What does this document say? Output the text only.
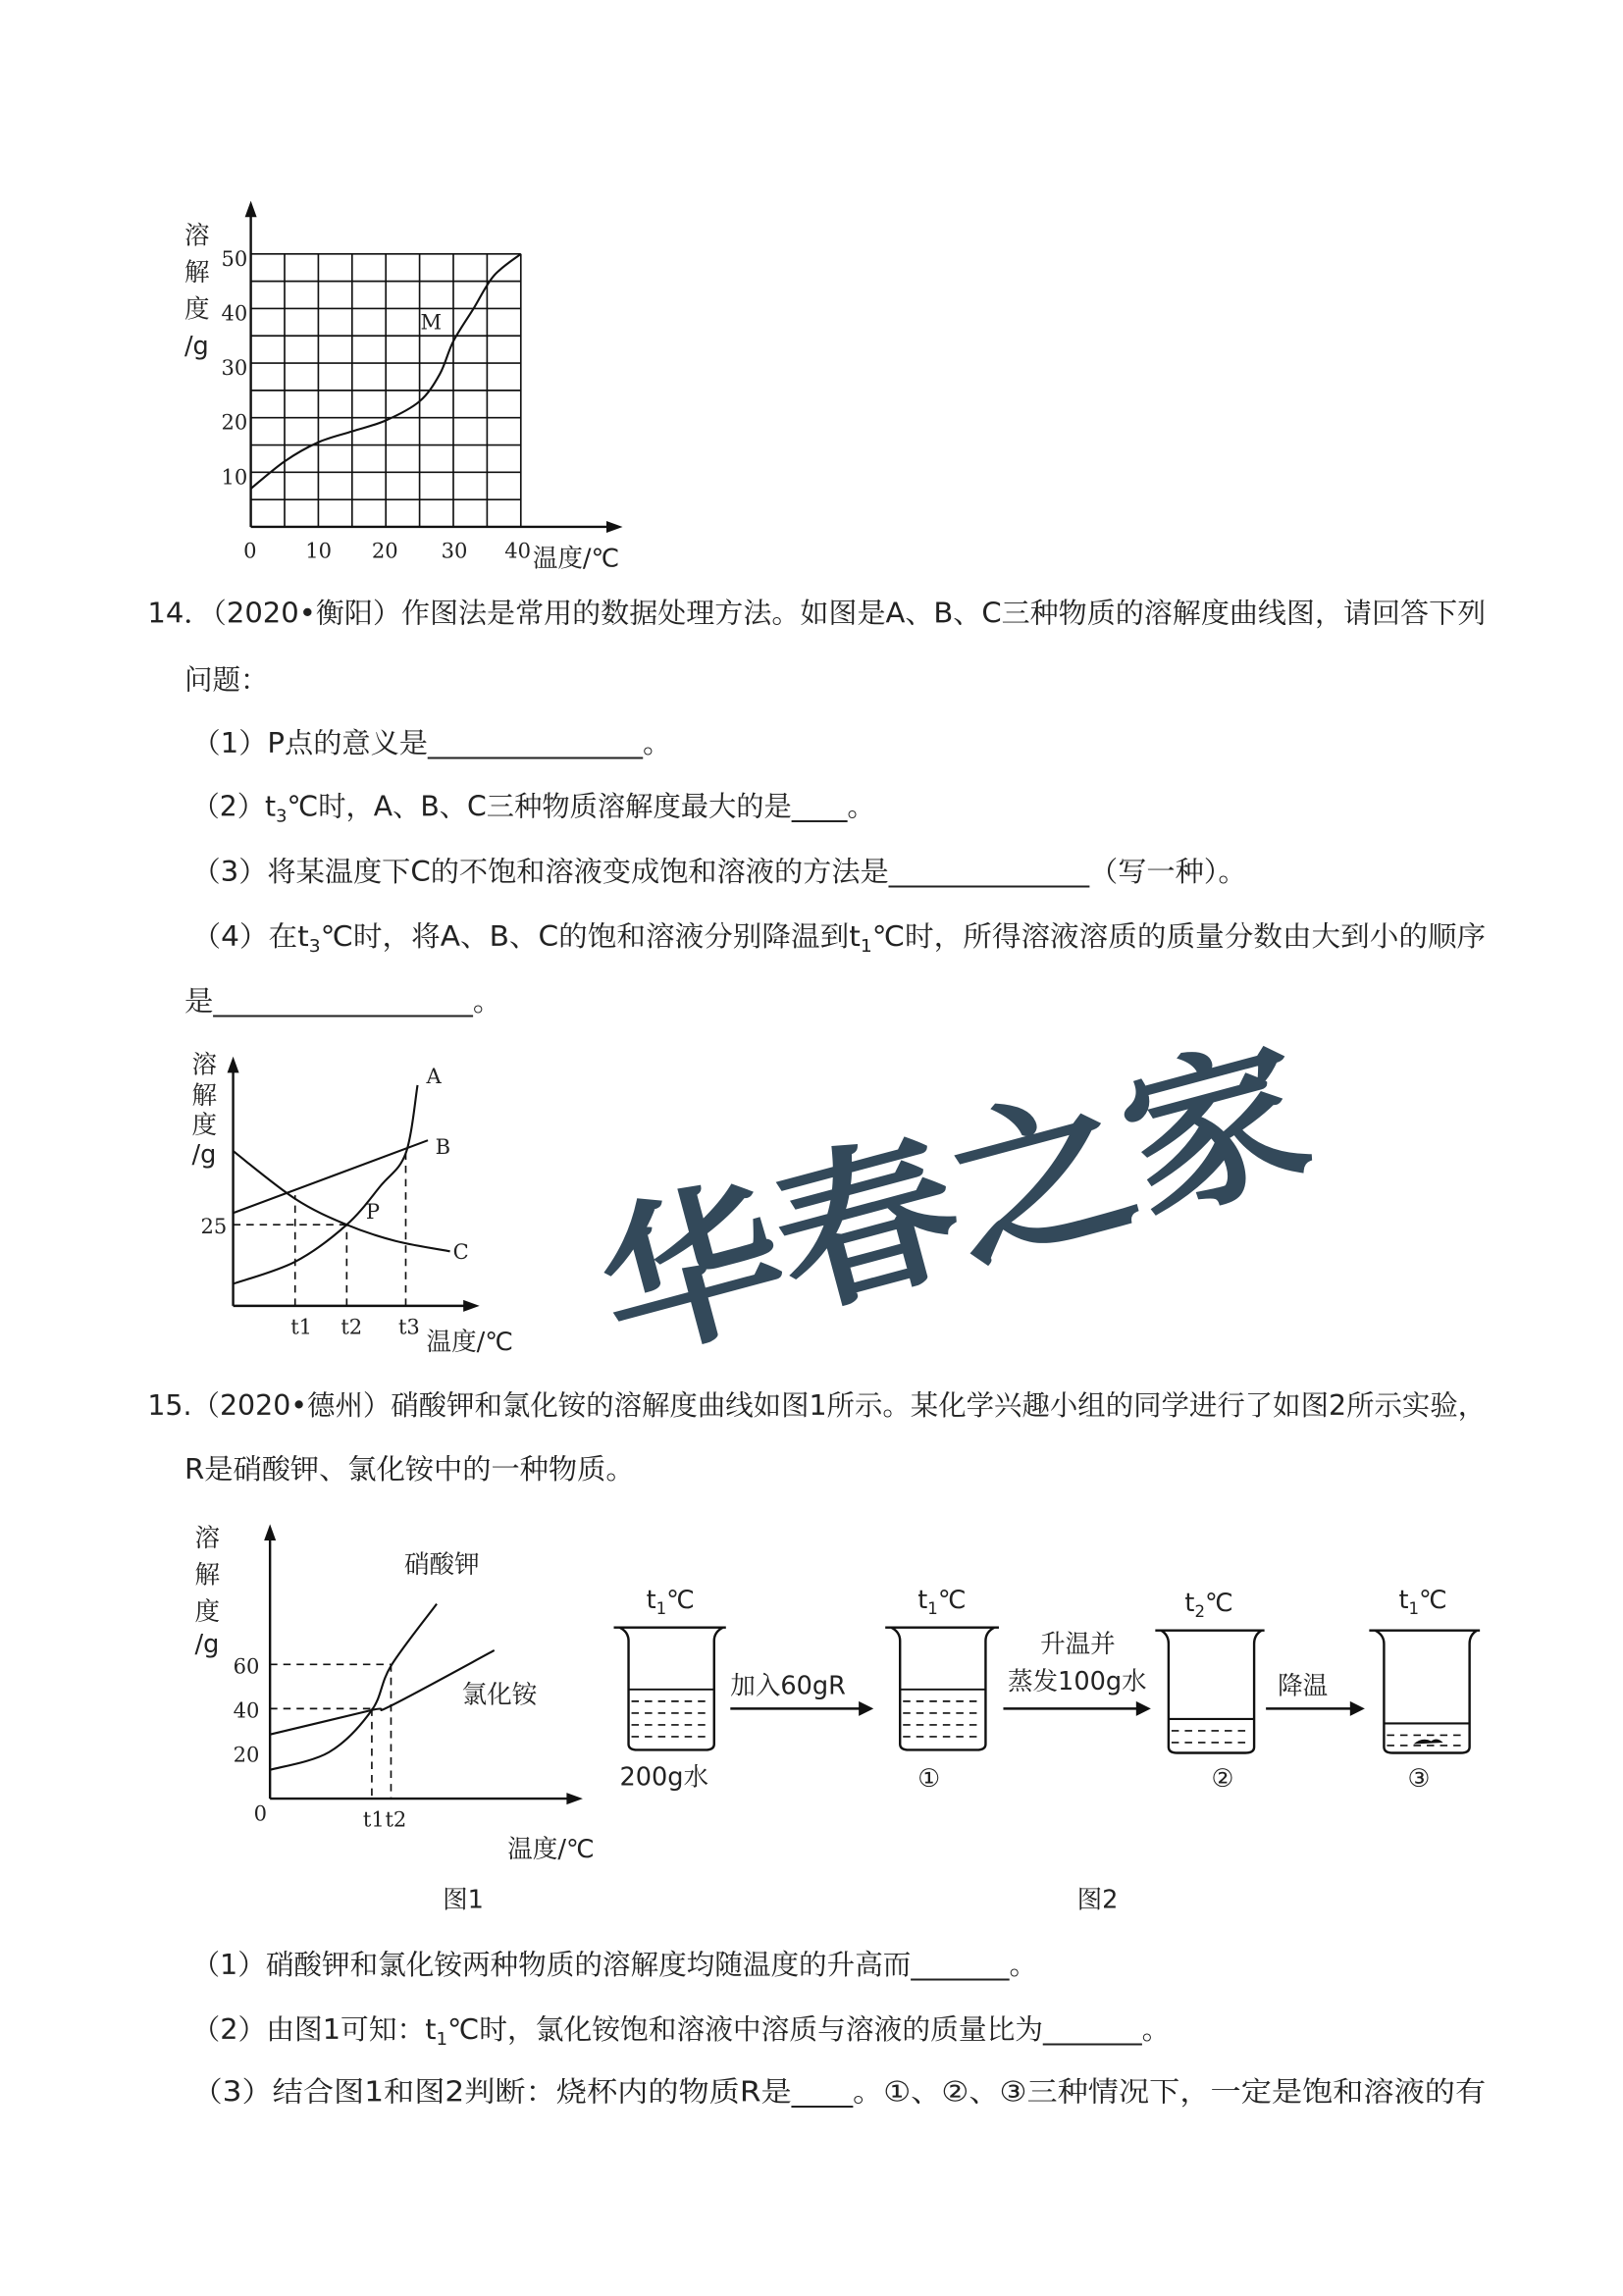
溶
解
度
/g
10
20
30
40
50
0	10	20	30	40 温度/℃
M
14．（2020•衡阳）作图法是常用的数据处理方法。如图是A、B、C三种物质的溶解度曲线图，请回答下列
问题：
（1）P点的意义是_______________。
$(2)t_3℃$时，A、B、C三种物质溶解度最大的是____。
（3）将某温度下C的不饱和溶液变成饱和溶液的方法是______________（写一种）。
（4）在t $_3$℃时，将A、B、C的饱和溶液分别降温到t $_1$℃时，所得溶液溶质的质量分数由大到小的顺序
是__________________。
溶
解
度
/g
25
A
B
C
P
t1 t2	t3
温度/℃ 华春之家
15.（2020•德州）硝酸钾和氯化铵的溶解度曲线如图1所示。某化学兴趣小组的同学进行了如图2所示实验，
R是硝酸钾、氯化铵中的一种物质。
溶
解
度
/g
20
40
60
0	t1 t2
温度/℃
硝酸钾
氯化铵
图1
$t_1℃$	$t_1℃$	$t_2℃$	$t_1℃$
200g水	①	②	③
加入60gR
升温并
蒸发100g水	降温
图2
（1）硝酸钾和氯化铵两种物质的溶解度均随温度的升高而_______。
（2）由图1可知：t $_1$℃时，氯化铵饱和溶液中溶质与溶液的质量比为_______。
（3）结合图1和图2判断：烧杯内的物质R是____。①、②、③三种情况下，一定是饱和溶液的有
